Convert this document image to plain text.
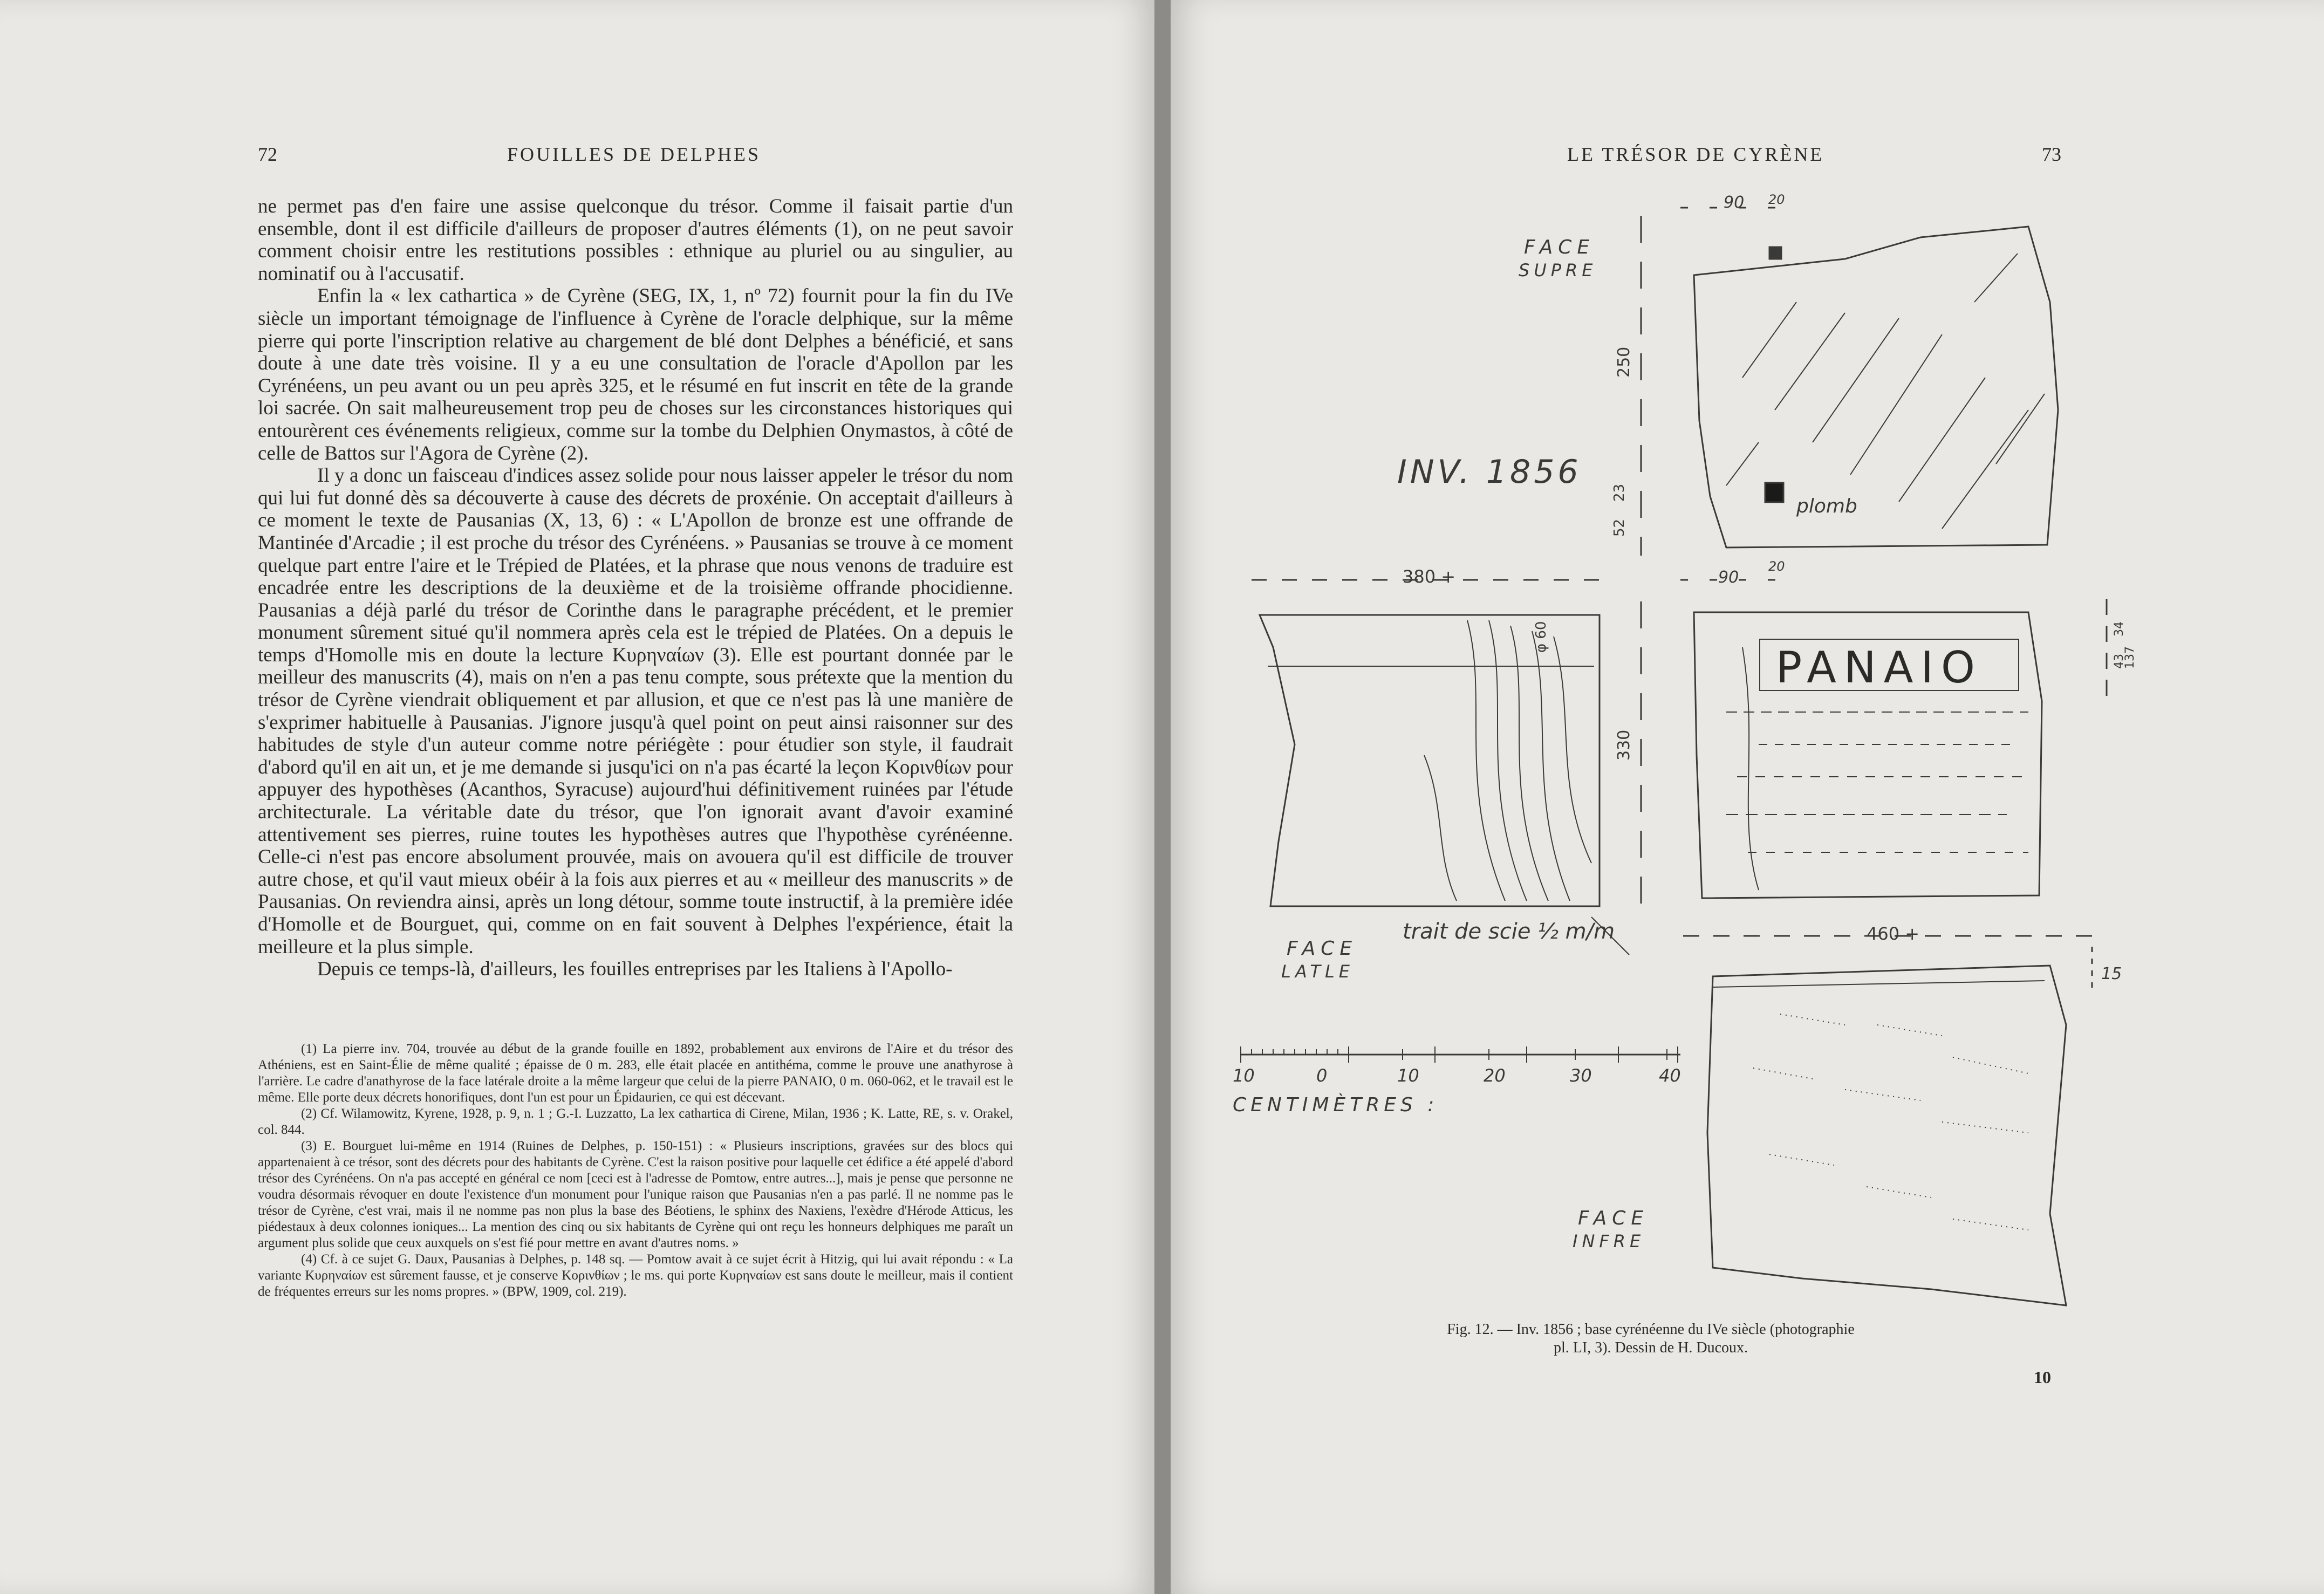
72	FOUILLES DE DELPHES

ne permet pas d'en faire une assise quelconque du trésor. Comme il faisait partie d'un ensemble, dont il est difficile d'ailleurs de proposer d'autres éléments (1), on ne peut savoir comment choisir entre les restitutions possibles : ethnique au pluriel ou au singulier, au nominatif ou à l'accusatif.

Enfin la « lex cathartica » de Cyrène (SEG, IX, 1, nº 72) fournit pour la fin du IVe siècle un important témoignage de l'influence à Cyrène de l'oracle delphique, sur la même pierre qui porte l'inscription relative au chargement de blé dont Delphes a bénéficié, et sans doute à une date très voisine. Il y a eu une consultation de l'oracle d'Apollon par les Cyrénéens, un peu avant ou un peu après 325, et le résumé en fut inscrit en tête de la grande loi sacrée. On sait malheureusement trop peu de choses sur les circonstances historiques qui entourèrent ces événements religieux, comme sur la tombe du Delphien Onymastos, à côté de celle de Battos sur l'Agora de Cyrène (2).

Il y a donc un faisceau d'indices assez solide pour nous laisser appeler le trésor du nom qui lui fut donné dès sa découverte à cause des décrets de proxénie. On acceptait d'ailleurs à ce moment le texte de Pausanias (X, 13, 6) : « L'Apollon de bronze est une offrande de Mantinée d'Arcadie ; il est proche du trésor des Cyrénéens. » Pausanias se trouve à ce moment quelque part entre l'aire et le Trépied de Platées, et la phrase que nous venons de traduire est encadrée entre les descriptions de la deuxième et de la troisième offrande phocidienne. Pausanias a déjà parlé du trésor de Corinthe dans le paragraphe précédent, et le premier monument sûrement situé qu'il nommera après cela est le trépied de Platées. On a depuis le temps d'Homolle mis en doute la lecture Κυρηναίων (3). Elle est pourtant donnée par le meilleur des manuscrits (4), mais on n'en a pas tenu compte, sous prétexte que la mention du trésor de Cyrène viendrait obliquement et par allusion, et que ce n'est pas là une manière de s'exprimer habituelle à Pausanias. J'ignore jusqu'à quel point on peut ainsi raisonner sur des habitudes de style d'un auteur comme notre périégète : pour étudier son style, il faudrait d'abord qu'il en ait un, et je me demande si jusqu'ici on n'a pas écarté la leçon Κορινθίων pour appuyer des hypothèses (Acanthos, Syracuse) aujourd'hui définitivement ruinées par l'étude architecturale. La véritable date du trésor, que l'on ignorait avant d'avoir examiné attentivement ses pierres, ruine toutes les hypothèses autres que l'hypothèse cyrénéenne. Celle-ci n'est pas encore absolument prouvée, mais on avouera qu'il est difficile de trouver autre chose, et qu'il vaut mieux obéir à la fois aux pierres et au « meilleur des manuscrits » de Pausanias. On reviendra ainsi, après un long détour, somme toute instructif, à la première idée d'Homolle et de Bourguet, qui, comme on en fait souvent à Delphes l'expérience, était la meilleure et la plus simple.

Depuis ce temps-là, d'ailleurs, les fouilles entreprises par les Italiens à l'Apollo-

(1) La pierre inv. 704, trouvée au début de la grande fouille en 1892, probablement aux environs de l'Aire et du trésor des Athéniens, est en Saint-Élie de même qualité ; épaisse de 0 m. 283, elle était placée en antithéma, comme le prouve une anathyrose à l'arrière. Le cadre d'anathyrose de la face latérale droite a la même largeur que celui de la pierre PANAIO, 0 m. 060-062, et le travail est le même. Elle porte deux décrets honorifiques, dont l'un est pour un Épidaurien, ce qui est décevant.

(2) Cf. Wilamowitz, Kyrene, 1928, p. 9, n. 1 ; G.-I. Luzzatto, La lex cathartica di Cirene, Milan, 1936 ; K. Latte, RE, s. v. Orakel, col. 844.

(3) E. Bourguet lui-même en 1914 (Ruines de Delphes, p. 150-151) : « Plusieurs inscriptions, gravées sur des blocs qui appartenaient à ce trésor, sont des décrets pour des habitants de Cyrène. C'est la raison positive pour laquelle cet édifice a été appelé d'abord trésor des Cyrénéens. On n'a pas accepté en général ce nom [ceci est à l'adresse de Pomtow, entre autres...], mais je pense que personne ne voudra désormais révoquer en doute l'existence d'un monument pour l'unique raison que Pausanias n'en a pas parlé. Il ne nomme pas le trésor de Cyrène, c'est vrai, mais il ne nomme pas non plus la base des Béotiens, le sphinx des Naxiens, l'exèdre d'Hérode Atticus, les piédestaux à deux colonnes ioniques... La mention des cinq ou six habitants de Cyrène qui ont reçu les honneurs delphiques me paraît un argument plus solide que ceux auxquels on s'est fié pour mettre en avant d'autres noms. »

(4) Cf. à ce sujet G. Daux, Pausanias à Delphes, p. 148 sq. — Pomtow avait à ce sujet écrit à Hitzig, qui lui avait répondu : « La variante Κυρηναίων est sûrement fausse, et je conserve Κορινθίων ; le ms. qui porte Κυρηναίων est sans doute le meilleur, mais il contient de fréquentes erreurs sur les noms propres. » (BPW, 1909, col. 219).

LE TRÉSOR DE CYRÈNE	73
plomb
250
23
52
90 20
FACE
SUPRE
INV. 1856
380 +	90
20
φ 60
330
PANAIO
34
43
137
FACE
LATLE
trait de scie ½ m/m	460 +
15
FACE
INFRE
10	0	10	20	30	40
CENTIMÈTRES :
Fig. 12. — Inv. 1856 ; base cyrénéenne du IVe siècle (photographie
pl. LI, 3). Dessin de H. Ducoux.
10
